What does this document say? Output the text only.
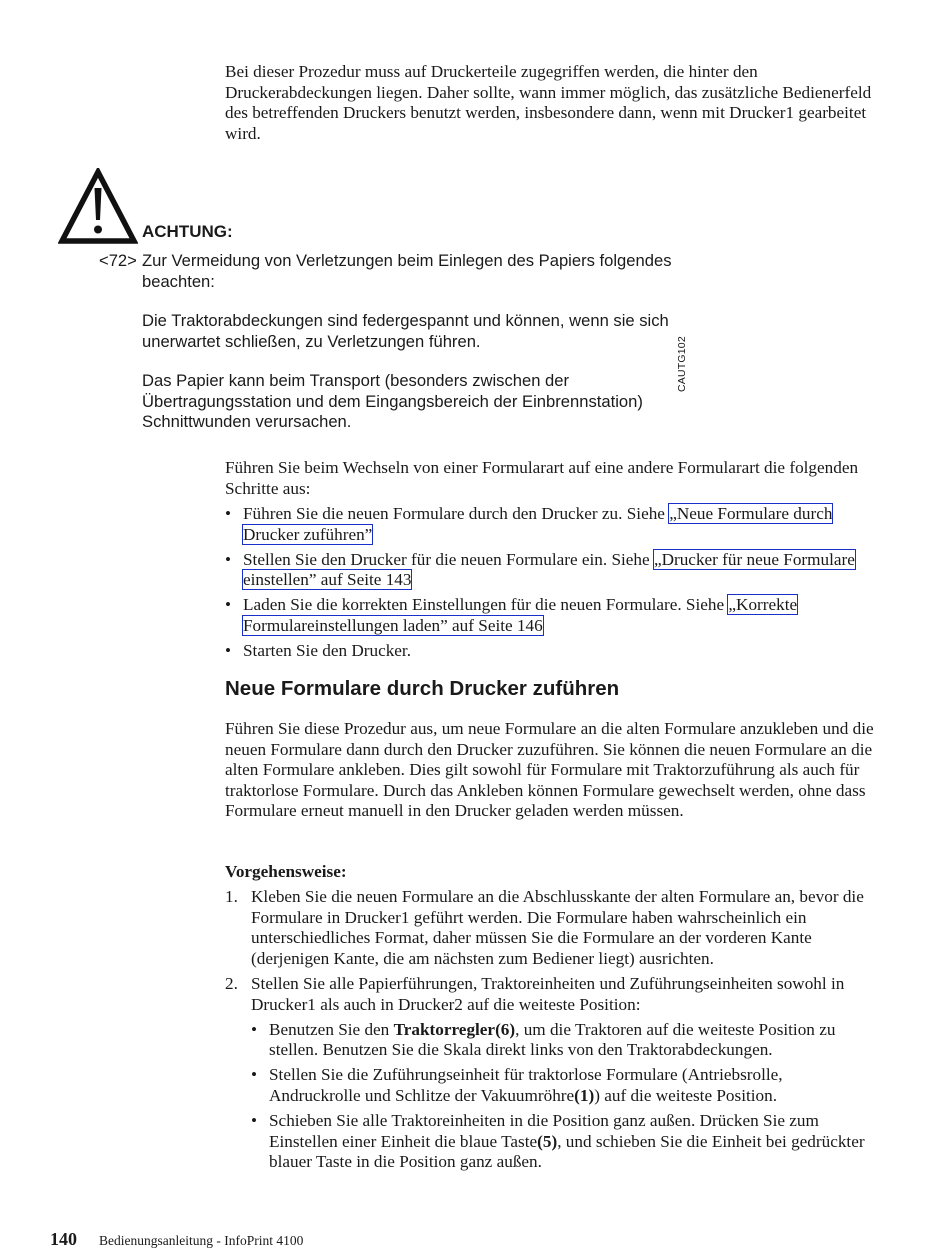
Bei dieser Prozedur muss auf Druckerteile zugegriffen werden, die hinter den Druckerabdeckungen liegen. Daher sollte, wann immer möglich, das zusätzliche Bedienerfeld des betreffenden Druckers benutzt werden, insbesondere dann, wenn mit Drucker1 gearbeitet wird.

ACHTUNG:
<72> Zur Vermeidung von Verletzungen beim Einlegen des Papiers folgendes beachten:

Die Traktorabdeckungen sind federgespannt und können, wenn sie sich unerwartet schließen, zu Verletzungen führen.

Das Papier kann beim Transport (besonders zwischen der Übertragungsstation und dem Eingangsbereich der Einbrennstation) Schnittwunden verursachen.

CAUTG102

Führen Sie beim Wechseln von einer Formularart auf eine andere Formularart die folgenden Schritte aus:

• Führen Sie die neuen Formulare durch den Drucker zu. Siehe „Neue Formulare durch Drucker zuführen”
• Stellen Sie den Drucker für die neuen Formulare ein. Siehe „Drucker für neue Formulare einstellen” auf Seite 143
• Laden Sie die korrekten Einstellungen für die neuen Formulare. Siehe „Korrekte Formulareinstellungen laden” auf Seite 146
• Starten Sie den Drucker.
Neue Formulare durch Drucker zuführen

Führen Sie diese Prozedur aus, um neue Formulare an die alten Formulare anzukleben und die neuen Formulare dann durch den Drucker zuzuführen. Sie können die neuen Formulare an die alten Formulare ankleben. Dies gilt sowohl für Formulare mit Traktorzuführung als auch für traktorlose Formulare. Durch das Ankleben können Formulare gewechselt werden, ohne dass Formulare erneut manuell in den Drucker geladen werden müssen.

Vorgehensweise:

1. Kleben Sie die neuen Formulare an die Abschlusskante der alten Formulare an, bevor die Formulare in Drucker1 geführt werden. Die Formulare haben wahrscheinlich ein unterschiedliches Format, daher müssen Sie die Formulare an der vorderen Kante (derjenigen Kante, die am nächsten zum Bediener liegt) ausrichten.
2. Stellen Sie alle Papierführungen, Traktoreinheiten und Zuführungseinheiten sowohl in Drucker1 als auch in Drucker2 auf die weiteste Position:
• Benutzen Sie den Traktorregler(6), um die Traktoren auf die weiteste Position zu stellen. Benutzen Sie die Skala direkt links von den Traktorabdeckungen.
• Stellen Sie die Zuführungseinheit für traktorlose Formulare (Antriebsrolle, Andruckrolle und Schlitze der Vakuumröhre(1)) auf die weiteste Position.
• Schieben Sie alle Traktoreinheiten in die Position ganz außen. Drücken Sie zum Einstellen einer Einheit die blaue Taste(5), und schieben Sie die Einheit bei gedrückter blauer Taste in die Position ganz außen.
140 Bedienungsanleitung - InfoPrint 4100
